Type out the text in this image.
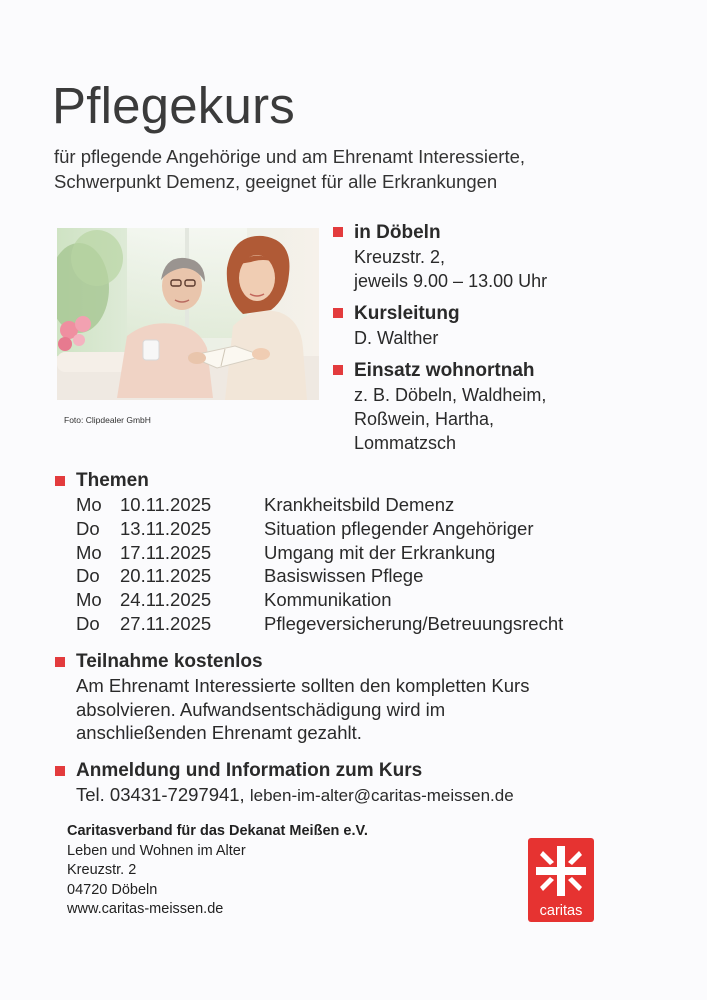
Pflegekurs
für pflegende Angehörige und am Ehrenamt Interessierte,
Schwerpunkt Demenz, geeignet für alle Erkrankungen
Foto: Clipdealer GmbH
in Döbeln
Kreuzstr. 2,
jeweils 9.00 – 13.00 Uhr
Kursleitung
D. Walther
Einsatz wohnortnah
z. B. Döbeln, Waldheim,
Roßwein, Hartha,
Lommatzsch
Themen
Mo	10.11.2025	Krankheitsbild Demenz
Do	13.11.2025	Situation pflegender Angehöriger
Mo	17.11.2025	Umgang mit der Erkrankung
Do	20.11.2025	Basiswissen Pflege
Mo	24.11.2025	Kommunikation
Do	27.11.2025	Pflegeversicherung/Betreuungsrecht
Teilnahme kostenlos
Am Ehrenamt Interessierte sollten den kompletten Kurs
absolvieren. Aufwandsentschädigung wird im
anschließenden Ehrenamt gezahlt.
Anmeldung und Information zum Kurs
Tel. 03431-7297941, leben-im-alter@caritas-meissen.de
Caritasverband für das Dekanat Meißen e.V.
Leben und Wohnen im Alter
Kreuzstr. 2
04720 Döbeln
www.caritas-meissen.de	caritas
